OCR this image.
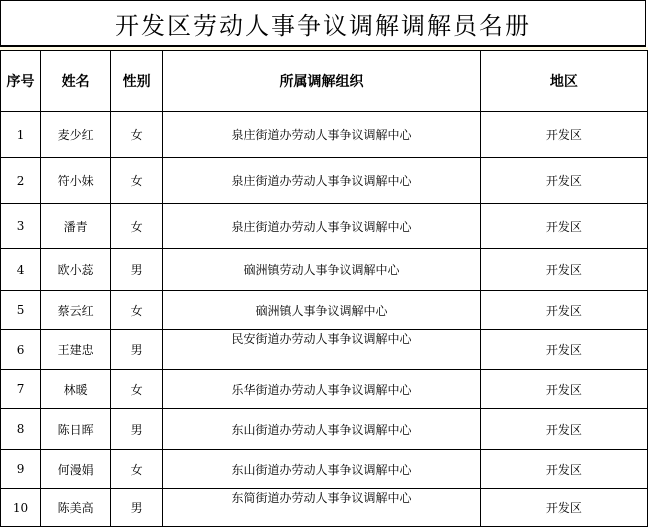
开发区劳动人事争议调解调解员名册
序号	姓名	性别	所属调解组织	地区
1	麦少红	女	泉庄街道办劳动人事争议调解中心	开发区
2	符小妹	女	泉庄街道办劳动人事争议调解中心	开发区
3	潘青	女	泉庄街道办劳动人事争议调解中心	开发区
4	欧小蕊	男	硇洲镇劳动人事争议调解中心	开发区
5	蔡云红	女	硇洲镇人事争议调解中心	开发区
6	王建忠	男	民安街道办劳动人事争议调解中心	开发区
7	林暖	女	乐华街道办劳动人事争议调解中心	开发区
8	陈日晖	男	东山街道办劳动人事争议调解中心	开发区
9	何漫娟	女	东山街道办劳动人事争议调解中心	开发区
10	陈美高	男	东简街道办劳动人事争议调解中心	开发区
